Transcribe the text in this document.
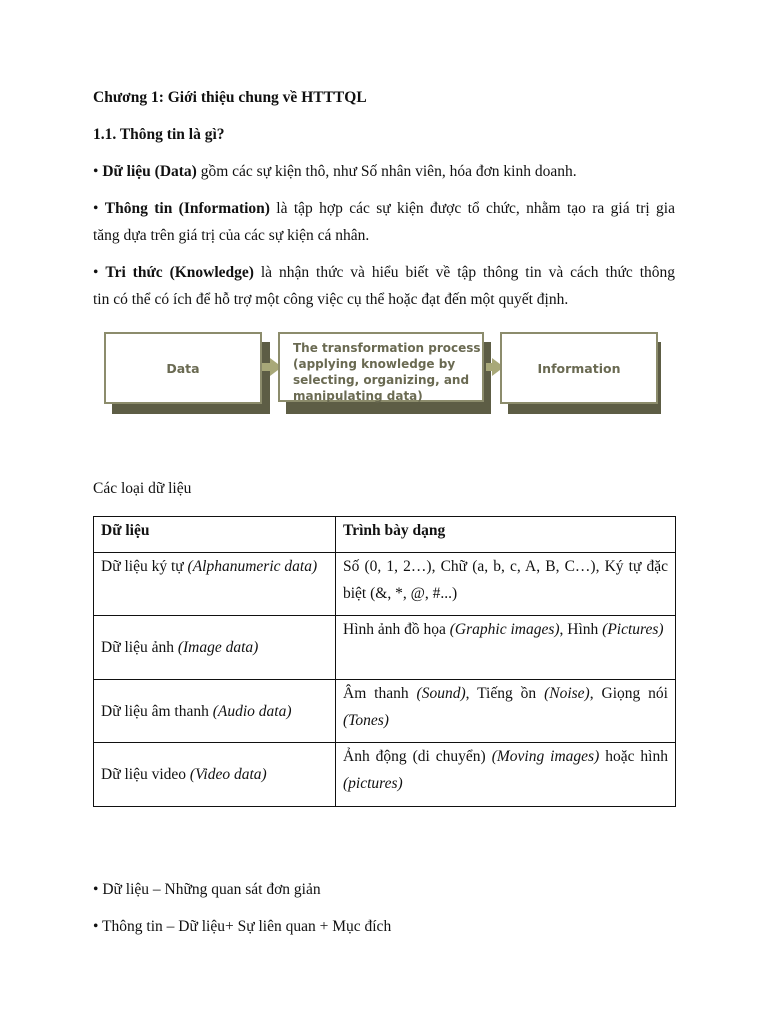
Chương 1: Giới thiệu chung về HTTTQL

1.1. Thông tin là gì?

• Dữ liệu (Data) gồm các sự kiện thô, như Số nhân viên, hóa đơn kinh doanh.

• Thông tin (Information) là tập hợp các sự kiện được tổ chức, nhằm tạo ra giá trị gia

tăng dựa trên giá trị của các sự kiện cá nhân.

• Tri thức (Knowledge) là nhận thức và hiểu biết về tập thông tin và cách thức thông

tin có thể có ích để hỗ trợ một công việc cụ thể hoặc đạt đến một quyết định.

Các loại dữ liệu

• Dữ liệu – Những quan sát đơn giản

• Thông tin – Dữ liệu+ Sự liên quan + Mục đích

Data
The transformation process
(applying knowledge by
selecting, organizing, and
manipulating data)
Information
Dữ liệu	Trình bày dạng
Dữ liệu ký tự (Alphanumeric data)	Số (0, 1, 2…), Chữ (a, b, c, A, B, C…), Ký tự đặc biệt (&, *, @, #...)
Dữ liệu ảnh (Image data)	Hình ảnh đồ họa (Graphic images), Hình (Pictures)
Dữ liệu âm thanh (Audio data)	Âm thanh (Sound), Tiếng ồn (Noise), Giọng nói (Tones)
Dữ liệu video (Video data)	Ảnh động (di chuyển) (Moving images) hoặc hình (pictures)
